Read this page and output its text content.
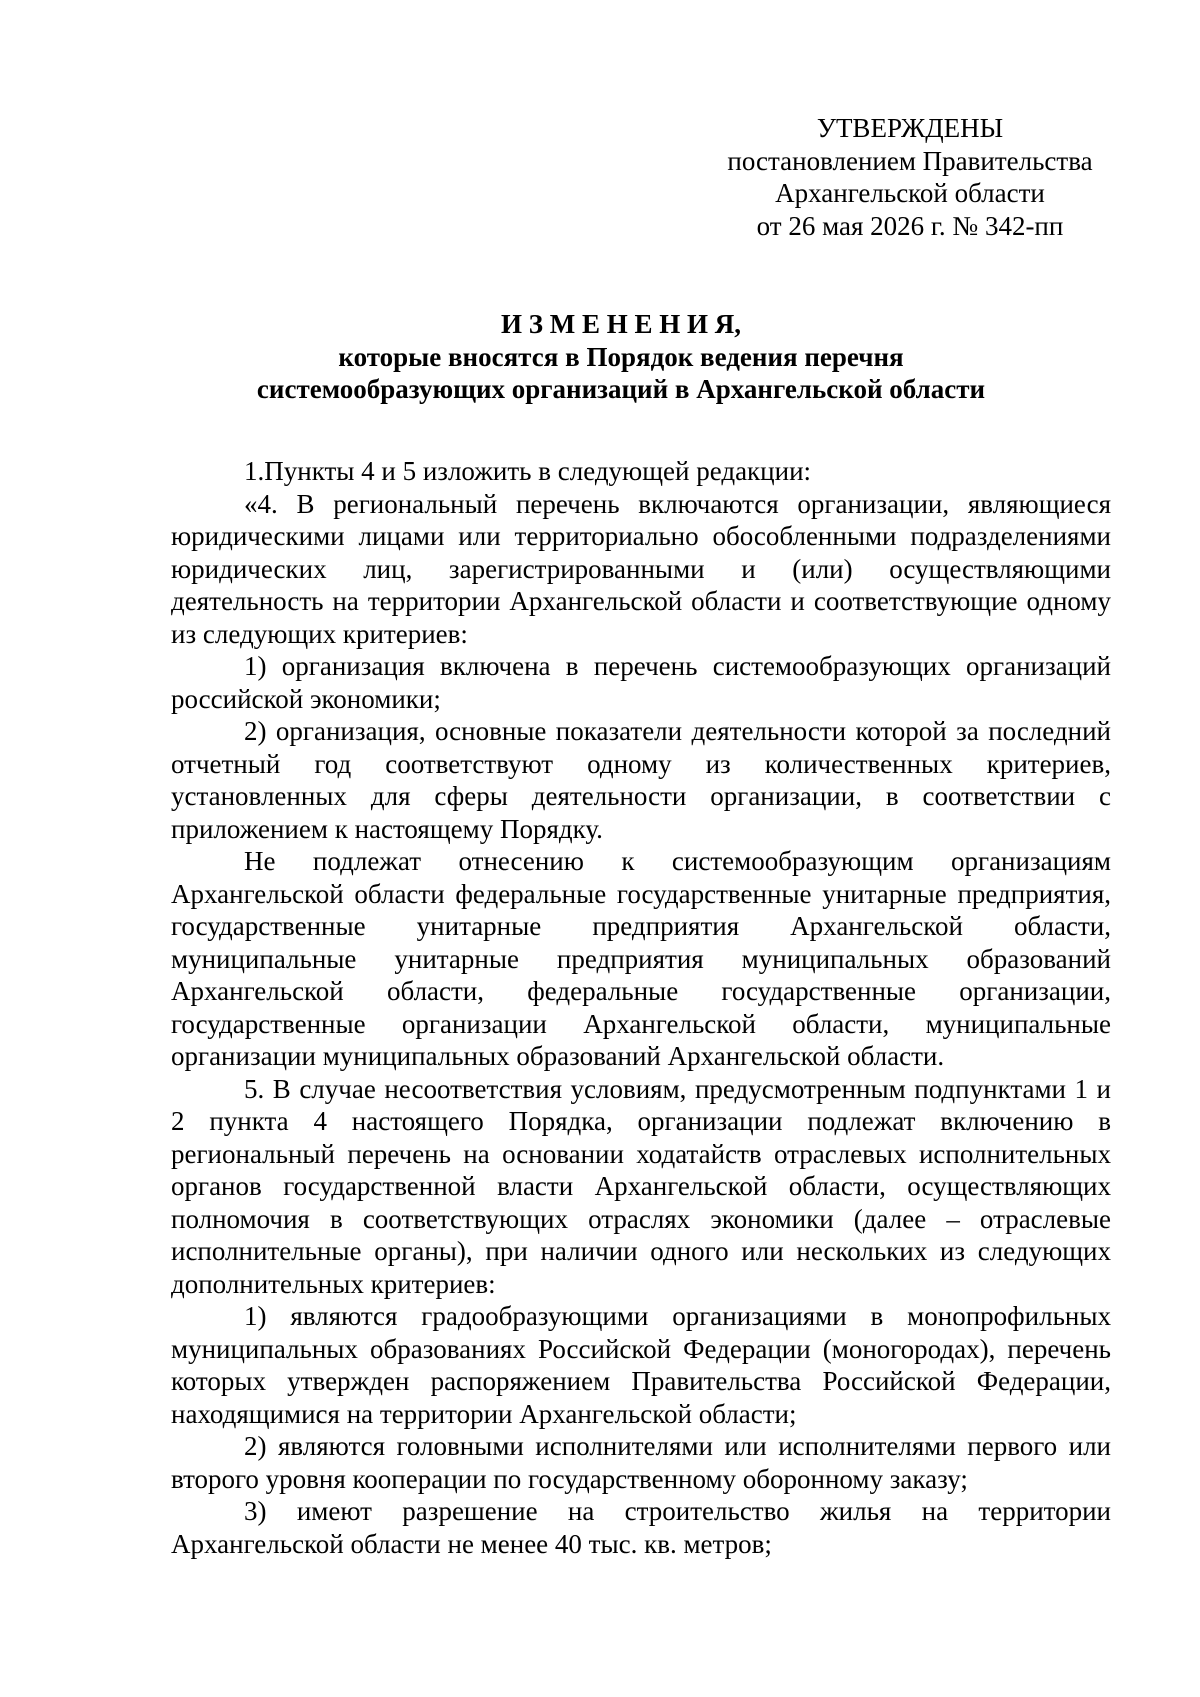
УТВЕРЖДЕНЫ
постановлением Правительства
Архангельской области
от 26 мая 2026 г. № 342-пп
И З М Е Н Е Н И Я,
которые вносятся в Порядок ведения перечня
системообразующих организаций в Архангельской области

1.Пункты 4 и 5 изложить в следующей редакции:

«4. В региональный перечень включаются организации, являющиеся юридическими лицами или территориально обособленными подразделениями юридических лиц, зарегистрированными и (или) осуществляющими деятельность на территории Архангельской области и соответствующие одному из следующих критериев:

1) организация включена в перечень системообразующих организаций российской экономики;

2) организация, основные показатели деятельности которой за последний отчетный год соответствуют одному из количественных критериев, установленных для сферы деятельности организации, в соответствии с приложением к настоящему Порядку.

Не подлежат отнесению к системообразующим организациям Архангельской области федеральные государственные унитарные предприятия, государственные унитарные предприятия Архангельской области, муниципальные унитарные предприятия муниципальных образований Архангельской области, федеральные государственные организации, государственные организации Архангельской области, муниципальные организации муниципальных образований Архангельской области.

5. В случае несоответствия условиям, предусмотренным подпунктами 1 и 2 пункта 4 настоящего Порядка, организации подлежат включению в региональный перечень на основании ходатайств отраслевых исполнительных органов государственной власти Архангельской области, осуществляющих полномочия в соответствующих отраслях экономики (далее – отраслевые исполнительные органы), при наличии одного или нескольких из следующих дополнительных критериев:

1) являются градообразующими организациями в монопрофильных муниципальных образованиях Российской Федерации (моногородах), перечень которых утвержден распоряжением Правительства Российской Федерации, находящимися на территории Архангельской области;

2) являются головными исполнителями или исполнителями первого или второго уровня кооперации по государственному оборонному заказу;

3) имеют разрешение на строительство жилья на территории Архангельской области не менее 40 тыс. кв. метров;
